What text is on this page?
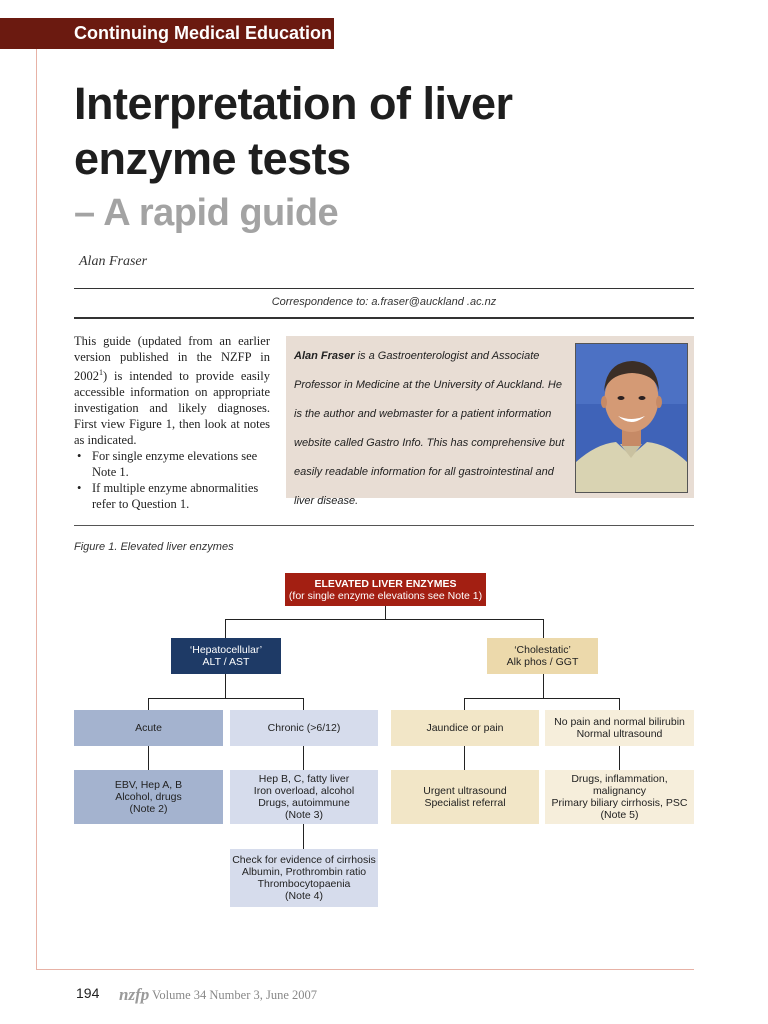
Continuing Medical Education
Interpretation of liver
enzyme tests
– A rapid guide
Alan Fraser
Correspondence to: a.fraser@auckland .ac.nz
This guide (updated from an earlier version published in the NZFP in 2002$^1$) is intended to provide easily accessible information on appropriate investigation and likely diagnoses. First view Figure 1, then look at notes as indicated.
• For single enzyme elevations see Note 1.
• If multiple enzyme abnormalities refer to Question 1.
Alan Fraser is a Gastroenterologist and Associate Professor in Medicine at the University of Auckland. He is the author and webmaster for a patient information website called Gastro Info. This has comprehensive but easily readable information for all gastrointestinal and liver disease.
Figure 1. Elevated liver enzymes
ELEVATED LIVER ENZYMES
(for single enzyme elevations see Note 1)
‘Hepatocellular’
ALT / AST
‘Cholestatic’
Alk phos / GGT
Acute	Chronic (>6/12)	Jaundice or pain	No pain and normal bilirubin
Normal ultrasound
EBV, Hep A, B
Alcohol, drugs
(Note 2)
Hep B, C, fatty liver
Iron overload, alcohol
Drugs, autoimmune
(Note 3)
Urgent ultrasound
Specialist referral
Drugs, inflammation,
malignancy
Primary biliary cirrhosis, PSC
(Note 5)
Check for evidence of cirrhosis
Albumin, Prothrombin ratio
Thrombocytopaenia
(Note 4)
194 nzfp Volume 34 Number 3, June 2007
